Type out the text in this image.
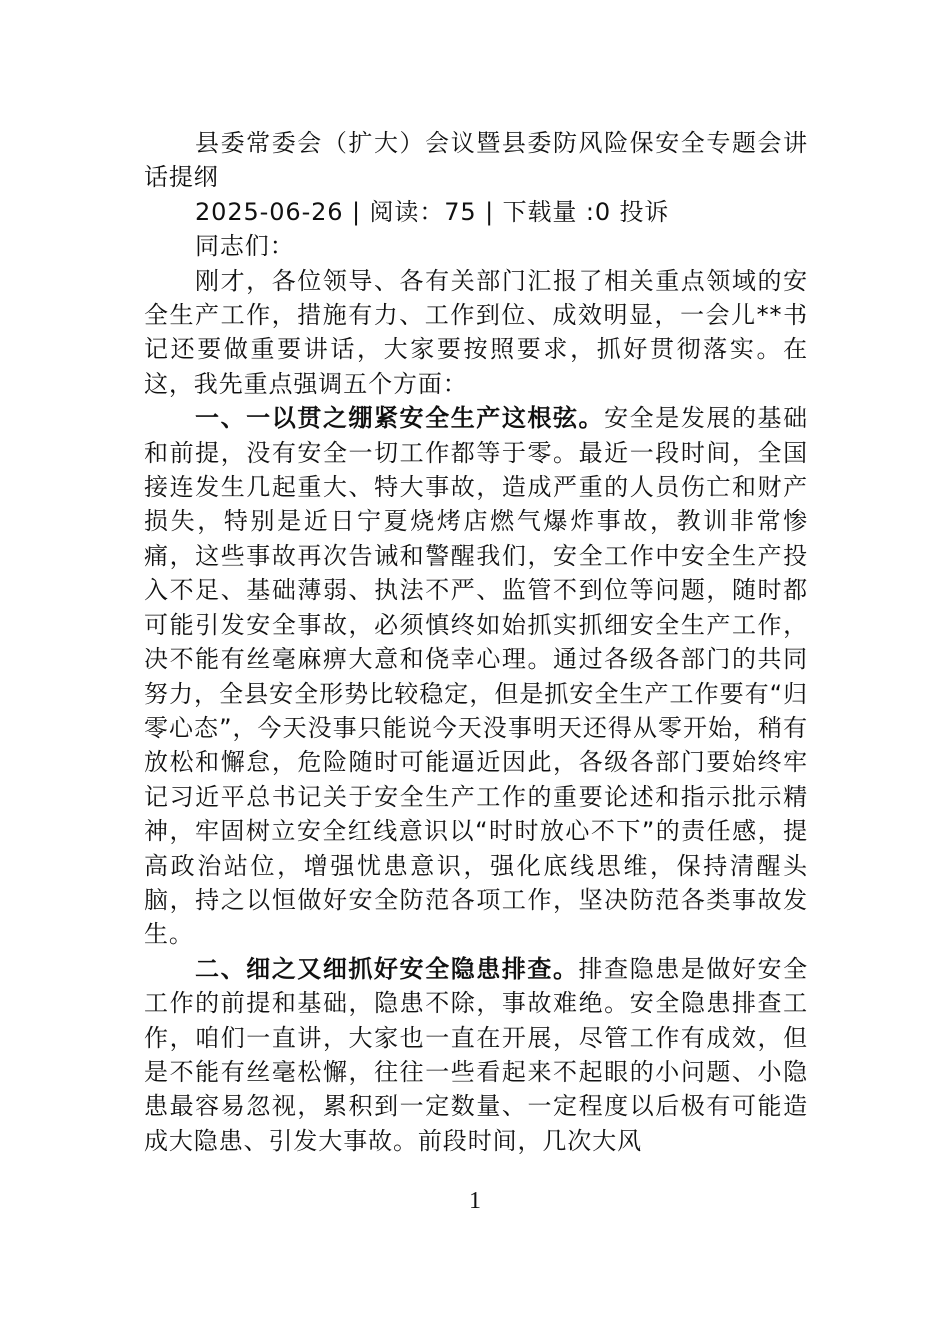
县委常委会（扩大）会议暨县委防风险保安全专题会讲话提纲

2025-06-26 | 阅读：75 | 下载量 :0 投诉

同志们：

刚才，各位领导、各有关部门汇报了相关重点领域的安全生产工作，措施有力、工作到位、成效明显，一会儿**书记还要做重要讲话，大家要按照要求，抓好贯彻落实。在这，我先重点强调五个方面：

一、一以贯之绷紧安全生产这根弦。安全是发展的基础和前提，没有安全一切工作都等于零。最近一段时间，全国接连发生几起重大、特大事故，造成严重的人员伤亡和财产损失，特别是近日宁夏烧烤店燃气爆炸事故，教训非常惨痛，这些事故再次告诫和警醒我们，安全工作中安全生产投入不足、基础薄弱、执法不严、监管不到位等问题，随时都可能引发安全事故，必须慎终如始抓实抓细安全生产工作，决不能有丝毫麻痹大意和侥幸心理。通过各级各部门的共同努力，全县安全形势比较稳定，但是抓安全生产工作要有“归零心态”，今天没事只能说今天没事明天还得从零开始，稍有放松和懈怠，危险随时可能逼近因此，各级各部门要始终牢记习近平总书记关于安全生产工作的重要论述和指示批示精神，牢固树立安全红线意识以“时时放心不下”的责任感，提高政治站位，增强忧患意识，强化底线思维，保持清醒头脑，持之以恒做好安全防范各项工作，坚决防范各类事故发生。

二、细之又细抓好安全隐患排查。排查隐患是做好安全工作的前提和基础，隐患不除，事故难绝。安全隐患排查工作，咱们一直讲，大家也一直在开展，尽管工作有成效，但是不能有丝毫松懈，往往一些看起来不起眼的小问题、小隐患最容易忽视，累积到一定数量、一定程度以后极有可能造成大隐患、引发大事故。前段时间，几次大风

1
